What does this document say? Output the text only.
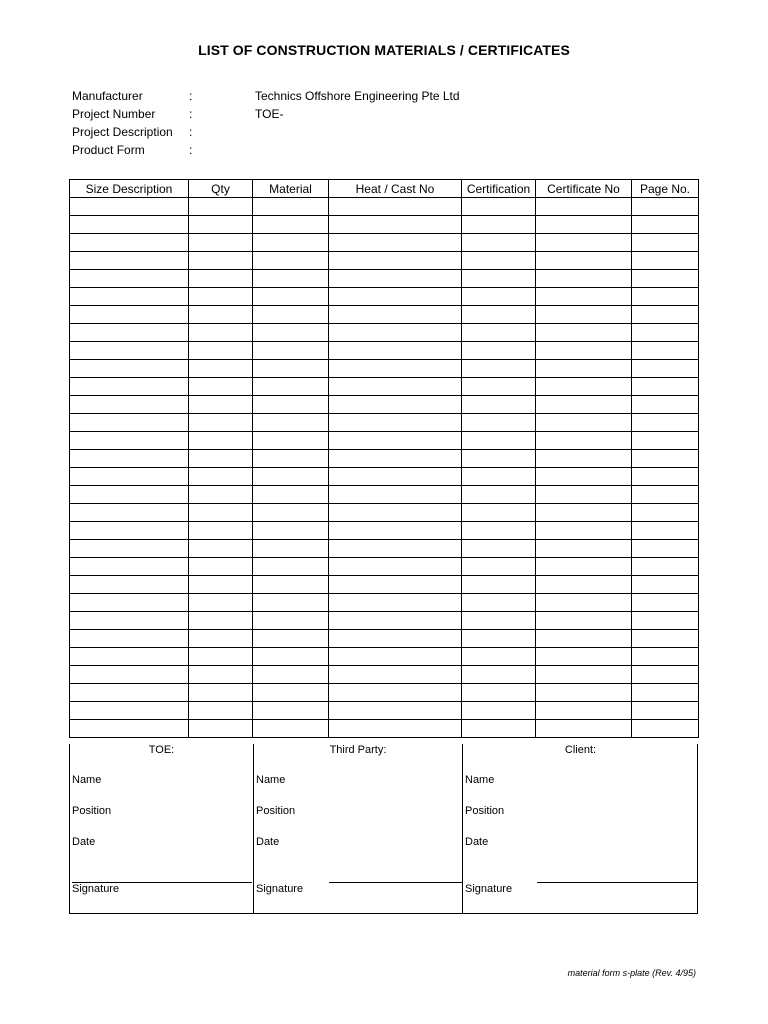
LIST OF CONSTRUCTION MATERIALS / CERTIFICATES
Manufacturer	:	Technics Offshore Engineering Pte Ltd
Project Number	:	TOE-
Project Description :
Product Form	:
Size Description	Qty	Material	Heat / Cast No	Certification	Certificate No	Page No.

TOE:
Name
Position
Date
Signature
Third Party:
Name
Position
Date
Signature
Client:
Name
Position
Date
Signature
material form s-plate (Rev. 4/95)
